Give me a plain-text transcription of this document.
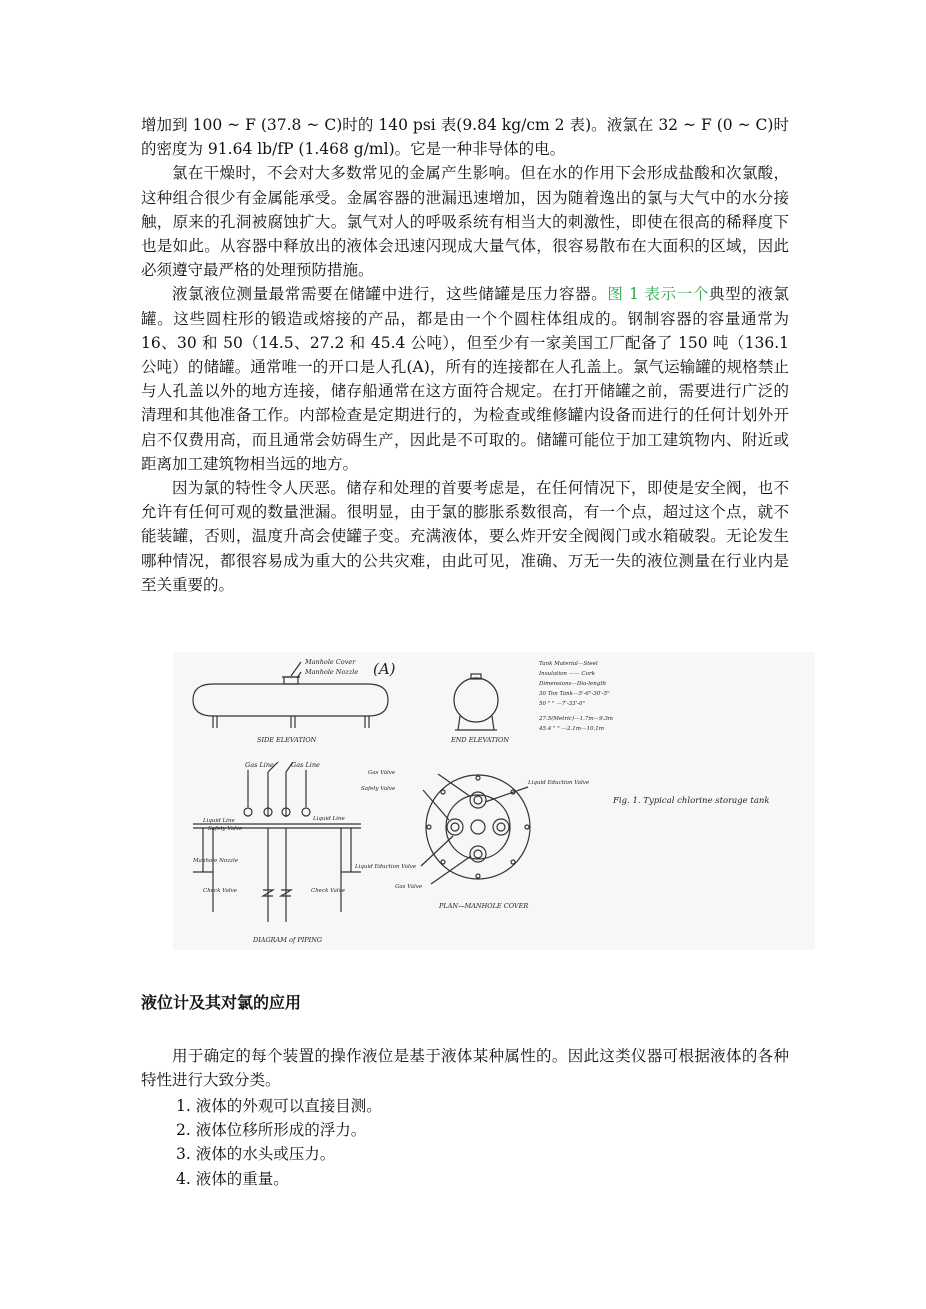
增加到 100 ~ F (37.8 ~ C)时的 140 psi 表(9.84 kg/cm 2 表)。液氯在 32 ~ F (0 ~ C)时的密度为 91.64 lb/fP (1.468 g/ml)。它是一种非导体的电。

氯在干燥时，不会对大多数常见的金属产生影响。但在水的作用下会形成盐酸和次氯酸，这种组合很少有金属能承受。金属容器的泄漏迅速增加，因为随着逸出的氯与大气中的水分接触，原来的孔洞被腐蚀扩大。氯气对人的呼吸系统有相当大的刺激性，即使在很高的稀释度下也是如此。从容器中释放出的液体会迅速闪现成大量气体，很容易散布在大面积的区域，因此必须遵守最严格的处理预防措施。

液氯液位测量最常需要在储罐中进行，这些储罐是压力容器。图 1 表示一个典型的液氯罐。这些圆柱形的锻造或熔接的产品，都是由一个个圆柱体组成的。钢制容器的容量通常为 16、30 和 50（14.5、27.2 和 45.4 公吨），但至少有一家美国工厂配备了 150 吨（136.1 公吨）的储罐。通常唯一的开口是人孔(A)，所有的连接都在人孔盖上。氯气运输罐的规格禁止与人孔盖以外的地方连接，储存船通常在这方面符合规定。在打开储罐之前，需要进行广泛的清理和其他准备工作。内部检查是定期进行的，为检查或维修罐内设备而进行的任何计划外开启不仅费用高，而且通常会妨碍生产，因此是不可取的。储罐可能位于加工建筑物内、附近或距离加工建筑物相当远的地方。

因为氯的特性令人厌恶。储存和处理的首要考虑是，在任何情况下，即使是安全阀，也不允许有任何可观的数量泄漏。很明显，由于氯的膨胀系数很高，有一个点，超过这个点，就不能装罐，否则，温度升高会使罐子变。充满液体，要么炸开安全阀阀门或水箱破裂。无论发生哪种情况，都很容易成为重大的公共灾难，由此可见，准确、万无一失的液位测量在行业内是至关重要的。

Manhole Cover
Manhole Nozzle (A)
SIDE ELEVATION	END ELEVATION
Tank Material—Steel
Insulation —— Cork
Dimensions—Dia-length
30 Ton Tank—5'-6"-30'-5"
50 " " —7'-33'-0"
27.5(Metric)—1.7m—9.3m
45.4 " " —2.1m—10.1m
Gas Line	Gas Line
Liquid Line
Safety Valve
Liquid Line
Manhole Nozzle
Check Valve	Check Valve
DIAGRAM of PIPING
Gas Valve
Safety Valve
Liquid Eduction Valve
Liquid Eduction Valve
Gas Valve
PLAN—MANHOLE COVER
Fig. 1. Typical chlorine storage tank
液位计及其对氯的应用

用于确定的每个装置的操作液位是基于液体某种属性的。因此这类仪器可根据液体的各种特性进行大致分类。

1. 液体的外观可以直接目测。
2. 液体位移所形成的浮力。
3. 液体的水头或压力。
4. 液体的重量。
